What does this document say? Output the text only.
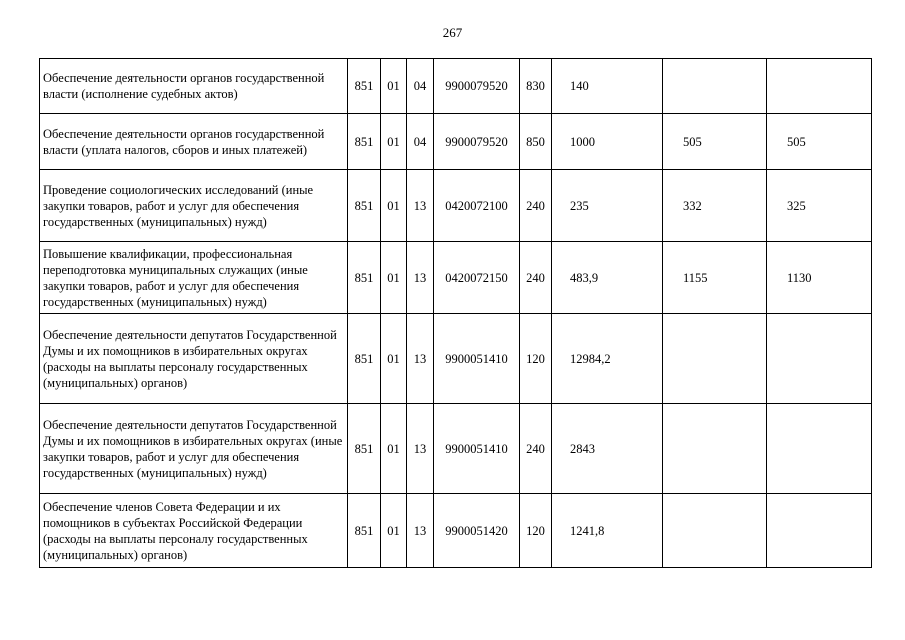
267
Обеспечение деятельности органов государственной власти (исполнение судебных актов)	851	01	04	9900079520	830	140		
Обеспечение деятельности органов государственной власти (уплата налогов, сборов и иных платежей)	851	01	04	9900079520	850	1000	505	505
Проведение социологических исследований (иные закупки товаров, работ и услуг для обеспечения государственных (муниципальных) нужд)	851	01	13	0420072100	240	235	332	325
Повышение квалификации, профессиональная переподготовка муниципальных служащих (иные закупки товаров, работ и услуг для обеспечения государственных (муниципальных) нужд)	851	01	13	0420072150	240	483,9	1155	1130
Обеспечение деятельности депутатов Государственной Думы и их помощников в избирательных округах (расходы на выплаты персоналу государственных (муниципальных) органов)	851	01	13	9900051410	120	12984,2		
Обеспечение деятельности депутатов Государственной Думы и их помощников в избирательных округах (иные закупки товаров, работ и услуг для обеспечения государственных (муниципальных) нужд)	851	01	13	9900051410	240	2843		
Обеспечение членов Совета Федерации и их помощников в субъектах Российской Федерации (расходы на выплаты персоналу государственных (муниципальных) органов)	851	01	13	9900051420	120	1241,8		
